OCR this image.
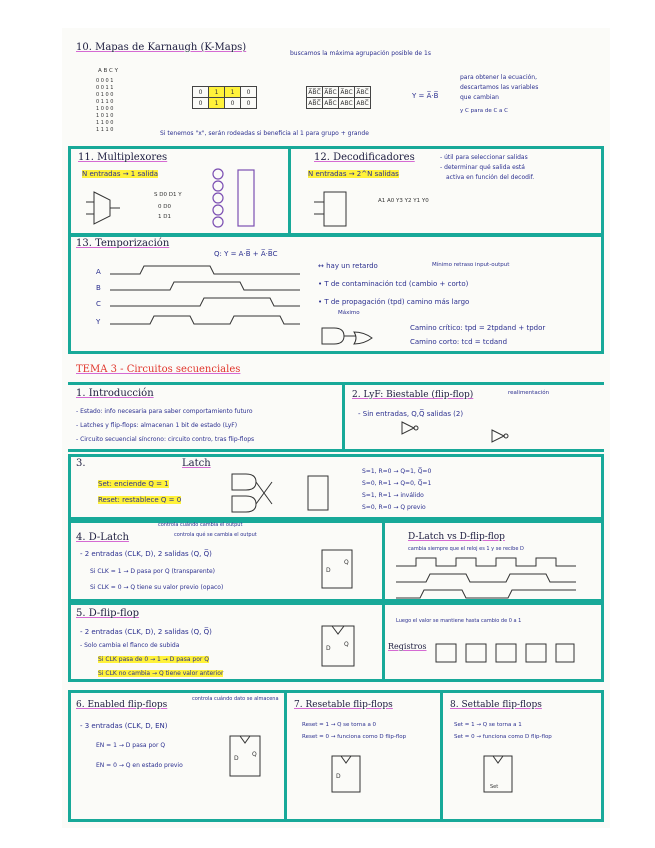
10. Mapas de Karnaugh (K-Maps)
buscamos la máxima agrupación posible de 1s
A B C Y
0 0 0 1
0 0 1 1
0 1 0 0
0 1 1 0
1 0 0 0
1 0 1 0
1 1 0 0
1 1 1 0
0	1	1	0
0	1	0	0
A̅B̅C̅	A̅B̅C	A̅BC	A̅BC̅
AB̅C̅	AB̅C	ABC	ABC̅
Y = A̅·B̅
para obtener la ecuación,
descartamos las variables
que cambian
y C para de C a C
Si tenemos "x", serán rodeadas si beneficia al 1 para grupo + grande
11. Multiplexores
N entradas → 1 salida
S D0 D1 Y
0 D0
1 D1
12. Decodificadores
N entradas → 2^N salidas
- útil para seleccionar salidas
- determinar qué salida está
activa en función del decodif.
A1 A0 Y3 Y2 Y1 Y0
13. Temporización
Q: Y = A·B̅ + A̅·B̅C
A
B
C
Y
↔ hay un retardo	Mínimo retraso input-output
• T de contaminación tcd (cambio + corto)
• T de propagación (tpd) camino más largo
Máximo
Camino crítico: tpd = 2tpdand + tpdor
Camino corto: tcd = tcdand
TEMA 3 - Circuitos secuenciales
1. Introducción
- Estado: info necesaria para saber comportamiento futuro
- Latches y flip-flops: almacenan 1 bit de estado (LyF)
- Circuito secuencial síncrono: circuito contro, tras flip-flops
2. LyF: Biestable (flip-flop)	realimentación
- Sin entradas, Q,Q̅ salidas (2)
3.	Latch
Set: enciende Q = 1
Reset: restablece Q = 0
S=1, R=0 → Q=1, Q̅=0
S=0, R=1 → Q=0, Q̅=1
S=1, R=1 → inválido
S=0, R=0 → Q previo
4. D-Latch
controla cuándo cambia el output
controla qué se cambia el output
- 2 entradas (CLK, D), 2 salidas (Q, Q̅)
Si CLK = 1 → D pasa por Q (transparente)
Si CLK = 0 → Q tiene su valor previo (opaco)
D
Q
D-Latch vs D-flip-flop
cambia siempre que el reloj es 1 y se recibe D
Luego el valor se mantiene hasta cambio de 0 a 1
5. D-flip-flop
- 2 entradas (CLK, D), 2 salidas (Q, Q̅)
- Solo cambia el flanco de subida
Si CLK pasa de 0 → 1 → D pasa por Q
Si CLK no cambia → Q tiene valor anterior
D
Q	Registros
6. Enabled flip-flops
controla cuándo dato se almacena
- 3 entradas (CLK, D, EN)
EN = 1 → D pasa por Q
EN = 0 → Q en estado previo
D
Q
7. Resetable flip-flops
Reset = 1 → Q se torna a 0
Reset = 0 → funciona como D flip-flop
D
8. Settable flip-flops
Set = 1 → Q se torna a 1
Set = 0 → funciona como D flip-flop
Set
